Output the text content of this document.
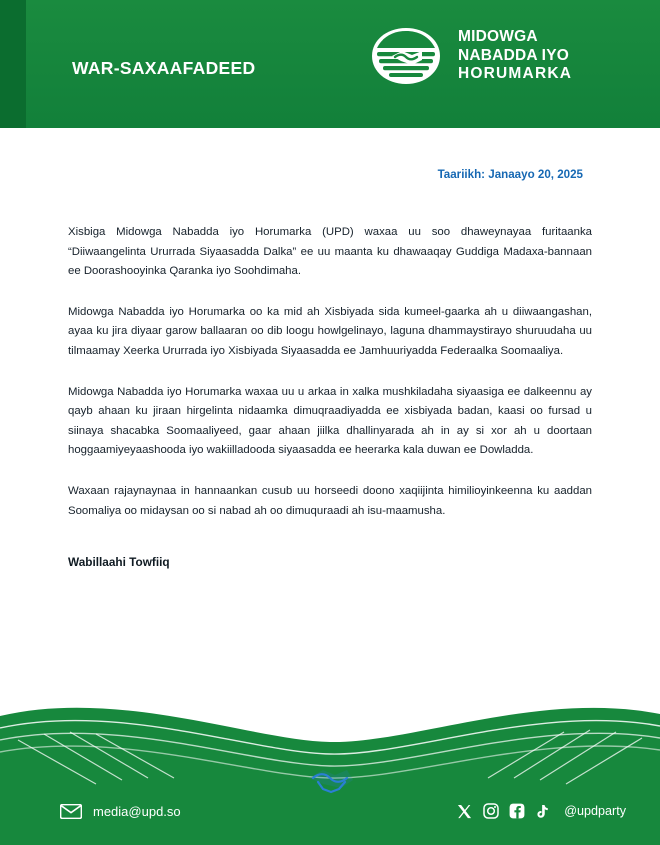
WAR-SAXAAFADEED
MIDOWGA
NABADDA IYO
HORUMARKA
Taariikh: Janaayo 20, 2025

Xisbiga Midowga Nabadda iyo Horumarka (UPD) waxaa uu soo dhaweynayaa furitaanka “Diiwaangelinta Ururrada Siyaasadda Dalka” ee uu maanta ku dhawaaqay Guddiga Madaxa-bannaan ee Doorashooyinka Qaranka iyo Soohdimaha.

Midowga Nabadda iyo Horumarka oo ka mid ah Xisbiyada sida kumeel-gaarka ah u diiwaangashan, ayaa ku jira diyaar garow ballaaran oo dib loogu howlgelinayo, laguna dhammaystirayo shuruudaha uu tilmaamay Xeerka Ururrada iyo Xisbiyada Siyaasadda ee Jamhuuriyadda Federaalka Soomaaliya.

Midowga Nabadda iyo Horumarka waxaa uu u arkaa in xalka mushkiladaha siyaasiga ee dalkeennu ay qayb ahaan ku jiraan hirgelinta nidaamka dimuqraadiyadda ee xisbiyada badan, kaasi oo fursad u siinaya shacabka Soomaaliyeed, gaar ahaan jiilka dhallinyarada ah in ay si xor ah u doortaan hoggaamiyeyaashooda iyo wakiilladooda siyaasadda ee heerarka kala duwan ee Dowladda.

Waxaan rajaynaynaa in hannaankan cusub uu horseedi doono xaqiijinta himilioyinkeenna ku aaddan Soomaliya oo midaysan oo si nabad ah oo dimuquraadi ah isu-maamusha.

Wabillaahi Towfiiq
media@upd.so	@updparty
